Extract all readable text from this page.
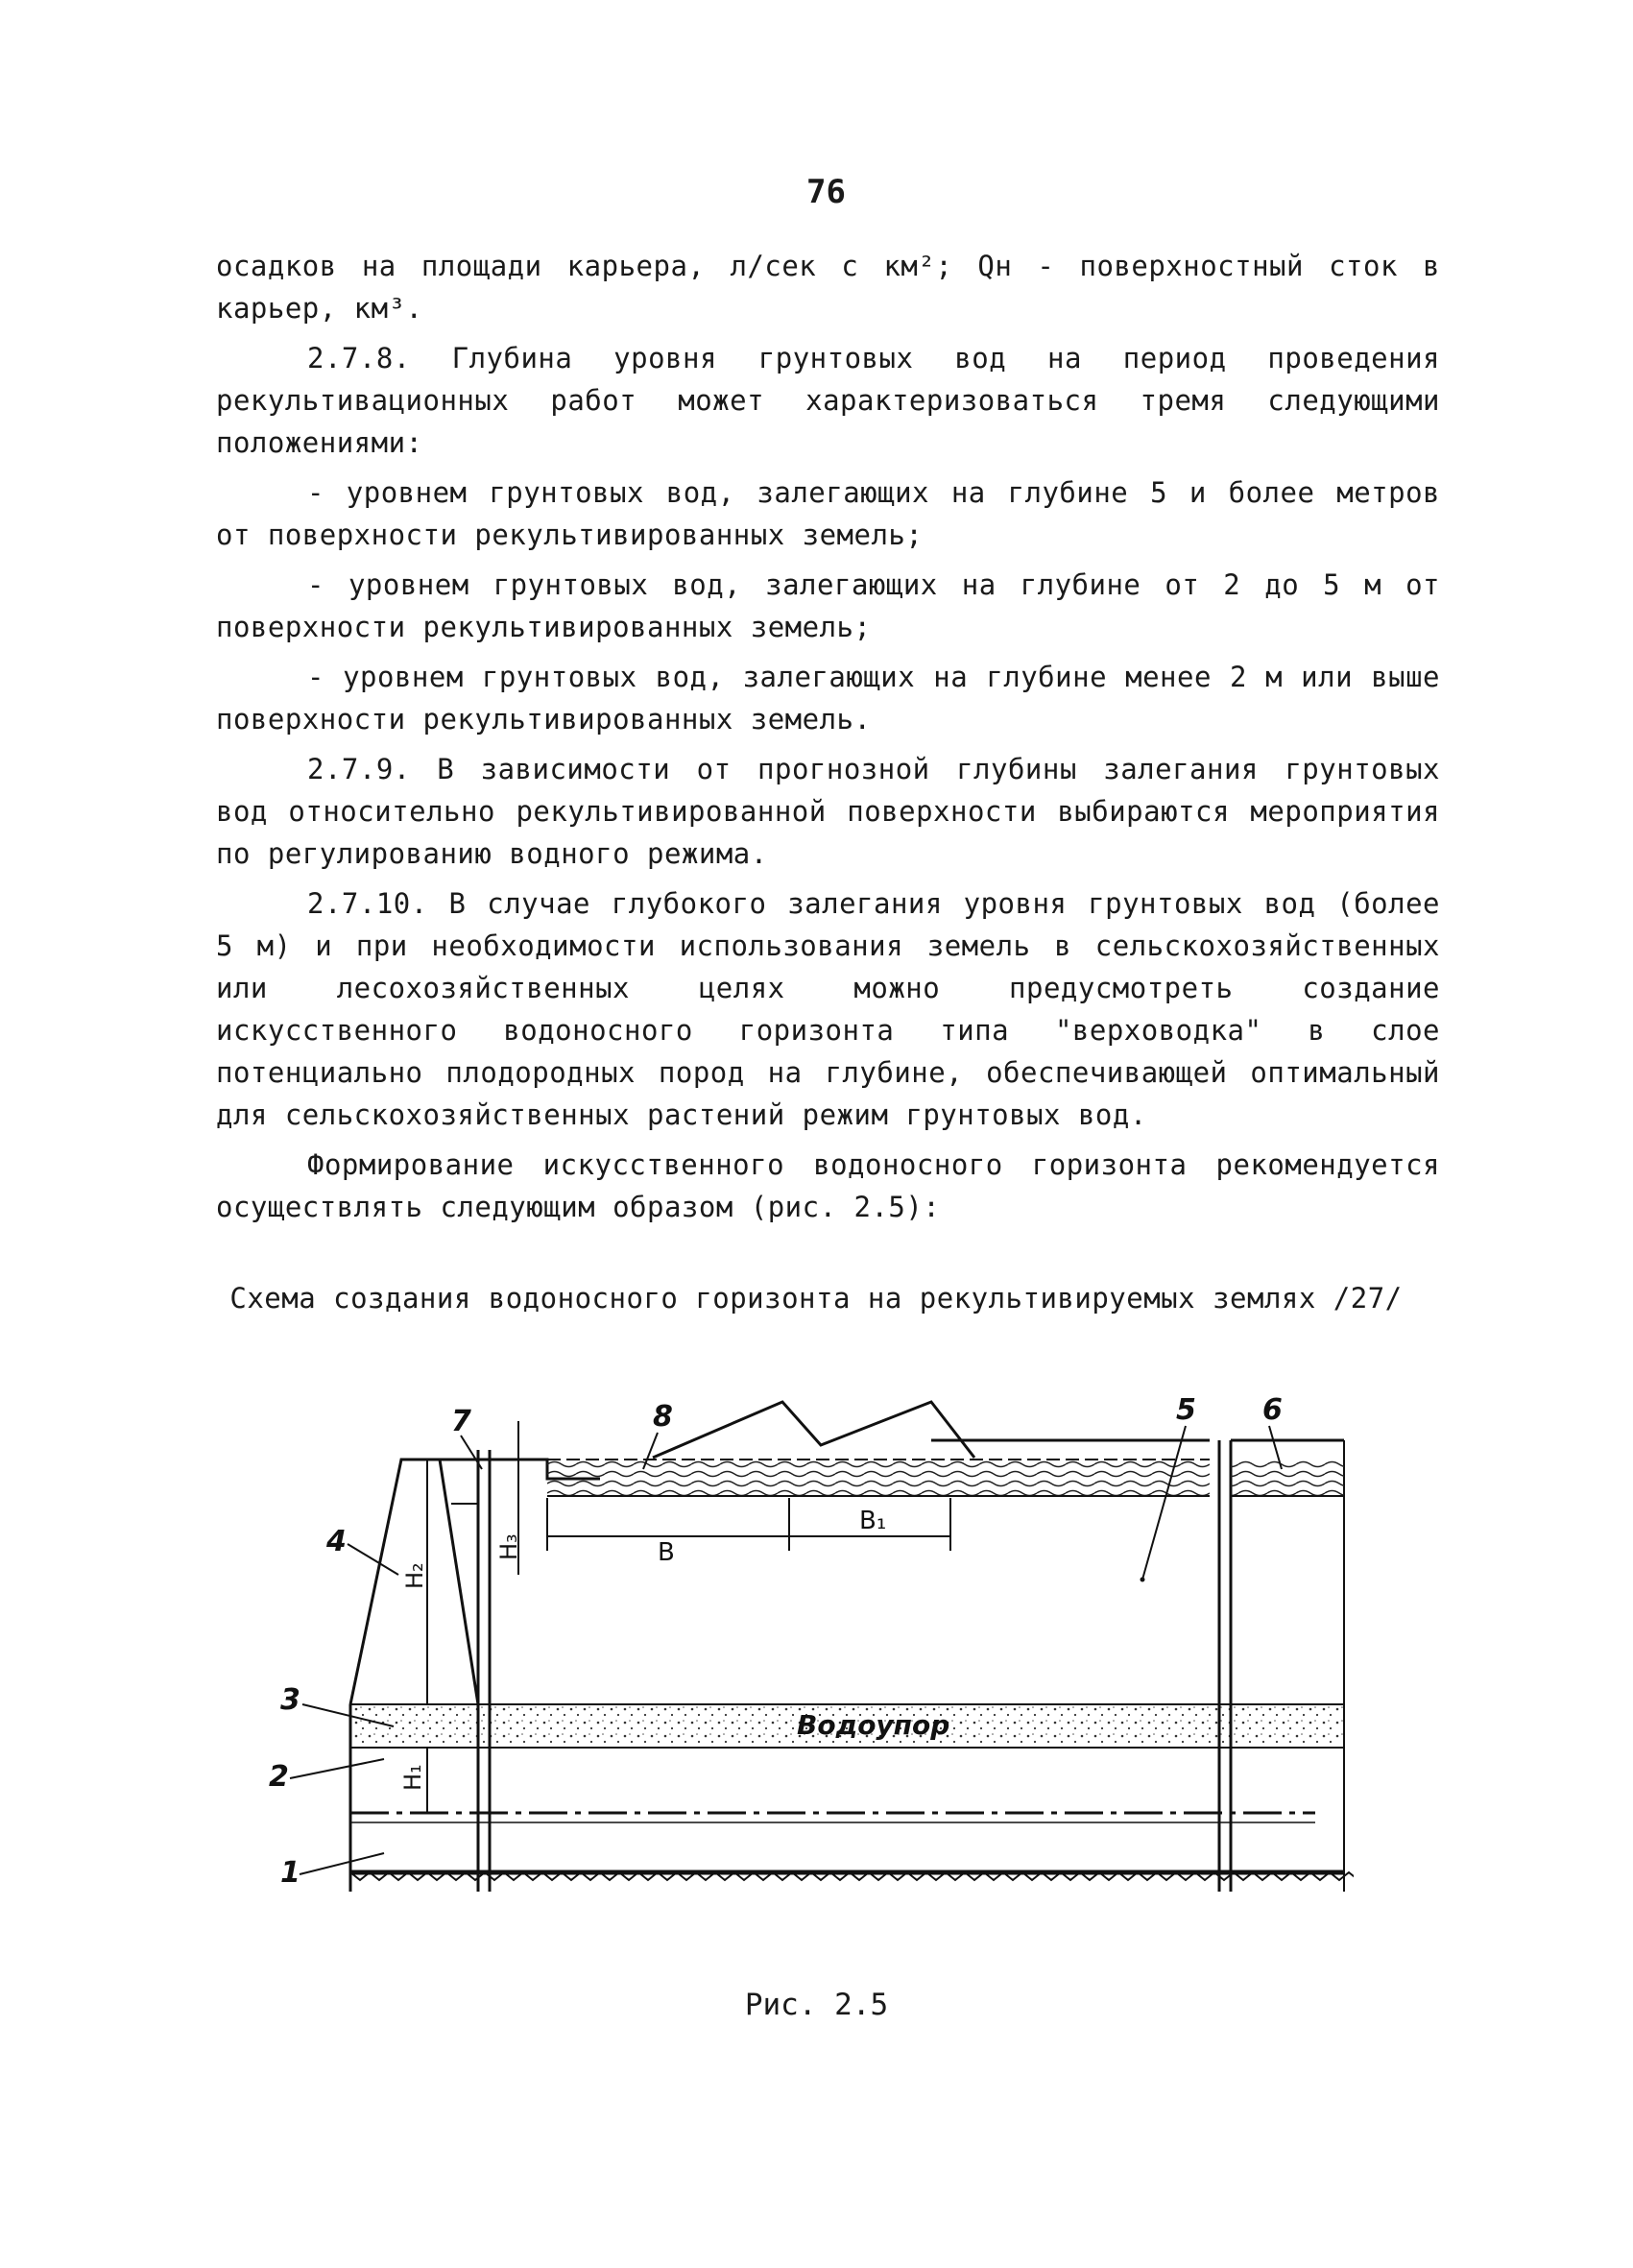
76

осадков на площади карьера, л/сек с км²; Qн - поверхностный сток в карьер, км³.

2.7.8. Глубина уровня грунтовых вод на период проведения рекультивационных работ может характеризоваться тремя следующими положениями:

- уровнем грунтовых вод, залегающих на глубине 5 и более метров от поверхности рекультивированных земель;

- уровнем грунтовых вод, залегающих на глубине от 2 до 5 м от поверхности рекультивированных земель;

- уровнем грунтовых вод, залегающих на глубине менее 2 м или выше поверхности рекультивированных земель.

2.7.9. В зависимости от прогнозной глубины залегания грунтовых вод относительно рекультивированной поверхности выбираются мероприятия по регулированию водного режима.

2.7.10. В случае глубокого залегания уровня грунтовых вод (более 5 м) и при необходимости использования земель в сельскохозяйственных или лесохозяйственных целях можно предусмотреть создание искусственного водоносного горизонта типа "верховодка" в слое потенциально плодородных пород на глубине, обеспечивающей оптимальный для сельскохозяйственных растений режим грунтовых вод.

Формирование искусственного водоносного горизонта рекомендуется осуществлять следующим образом (рис. 2.5):

Схема создания водоносного горизонта на рекультивируемых землях /27/
Водоупор
B
B₁
H₂
H₁
H₃
1
2
3
4
5 6
7	8
Рис. 2.5
